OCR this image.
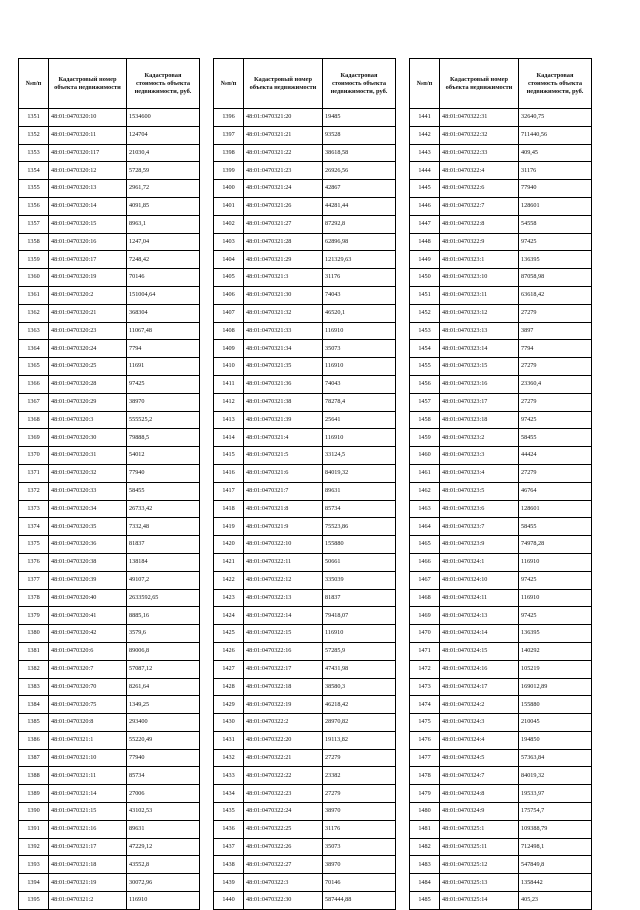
№п/п	Кадастровый номер объекта недвижимости	Кадастровая стоимость объекта недвижимости, руб.
1351	48:01:0470320:10	1534600
1352	48:01:0470320:11	124704
1353	48:01:0470320:117	21030,4
1354	48:01:0470320:12	5728,59
1355	48:01:0470320:13	2961,72
1356	48:01:0470320:14	4091,85
1357	48:01:0470320:15	8963,1
1358	48:01:0470320:16	1247,04
1359	48:01:0470320:17	7248,42
1360	48:01:0470320:19	70146
1361	48:01:0470320:2	151004,64
1362	48:01:0470320:21	368304
1363	48:01:0470320:23	11067,48
1364	48:01:0470320:24	7794
1365	48:01:0470320:25	11691
1366	48:01:0470320:28	97425
1367	48:01:0470320:29	38970
1368	48:01:0470320:3	555525,2
1369	48:01:0470320:30	79888,5
1370	48:01:0470320:31	54012
1371	48:01:0470320:32	77940
1372	48:01:0470320:33	58455
1373	48:01:0470320:34	26733,42
1374	48:01:0470320:35	7332,48
1375	48:01:0470320:36	81837
1376	48:01:0470320:38	138184
1377	48:01:0470320:39	49107,2
1378	48:01:0470320:40	2633592,65
1379	48:01:0470320:41	8885,16
1380	48:01:0470320:42	3579,6
1381	48:01:0470320:6	89006,8
1382	48:01:0470320:7	57087,12
1383	48:01:0470320:70	8261,64
1384	48:01:0470320:75	1349,25
1385	48:01:0470320:8	293400
1386	48:01:0470321:1	55220,49
1387	48:01:0470321:10	77940
1388	48:01:0470321:11	85734
1389	48:01:0470321:14	27006
1390	48:01:0470321:15	43102,53
1391	48:01:0470321:16	89631
1392	48:01:0470321:17	47229,12
1393	48:01:0470321:18	43552,8
1394	48:01:0470321:19	30072,96
1395	48:01:0470321:2	116910
№п/п	Кадастровый номер объекта недвижимости	Кадастровая стоимость объекта недвижимости, руб.
1396	48:01:0470321:20	19485
1397	48:01:0470321:21	93528
1398	48:01:0470321:22	38618,58
1399	48:01:0470321:23	26926,56
1400	48:01:0470321:24	42867
1401	48:01:0470321:26	44281,44
1402	48:01:0470321:27	87292,8
1403	48:01:0470321:28	62896,98
1404	48:01:0470321:29	121329,63
1405	48:01:0470321:3	31176
1406	48:01:0470321:30	74043
1407	48:01:0470321:32	46520,1
1408	48:01:0470321:33	116910
1409	48:01:0470321:34	35073
1410	48:01:0470321:35	116910
1411	48:01:0470321:36	74043
1412	48:01:0470321:38	78278,4
1413	48:01:0470321:39	25641
1414	48:01:0470321:4	116910
1415	48:01:0470321:5	33124,5
1416	48:01:0470321:6	84019,32
1417	48:01:0470321:7	89631
1418	48:01:0470321:8	85734
1419	48:01:0470321:9	75523,86
1420	48:01:0470322:10	155880
1421	48:01:0470322:11	50661
1422	48:01:0470322:12	335039
1423	48:01:0470322:13	81837
1424	48:01:0470322:14	79418,07
1425	48:01:0470322:15	116910
1426	48:01:0470322:16	57285,9
1427	48:01:0470322:17	47431,98
1428	48:01:0470322:18	38580,3
1429	48:01:0470322:19	46218,42
1430	48:01:0470322:2	28970,82
1431	48:01:0470322:20	19113,82
1432	48:01:0470322:21	27279
1433	48:01:0470322:22	23382
1434	48:01:0470322:23	27279
1435	48:01:0470322:24	38970
1436	48:01:0470322:25	31176
1437	48:01:0470322:26	35073
1438	48:01:0470322:27	38970
1439	48:01:0470322:3	70146
1440	48:01:0470322:30	587444,88
№п/п	Кадастровый номер объекта недвижимости	Кадастровая стоимость объекта недвижимости, руб.
1441	48:01:0470322:31	32640,75
1442	48:01:0470322:32	711440,56
1443	48:01:0470322:33	409,45
1444	48:01:0470322:4	31176
1445	48:01:0470322:6	77940
1446	48:01:0470322:7	128601
1447	48:01:0470322:8	54558
1448	48:01:0470322:9	97425
1449	48:01:0470323:1	136395
1450	48:01:0470323:10	87058,98
1451	48:01:0470323:11	63618,42
1452	48:01:0470323:12	27279
1453	48:01:0470323:13	3897
1454	48:01:0470323:14	7794
1455	48:01:0470323:15	27279
1456	48:01:0470323:16	23360,4
1457	48:01:0470323:17	27279
1458	48:01:0470323:18	97425
1459	48:01:0470323:2	58455
1460	48:01:0470323:3	44424
1461	48:01:0470323:4	27279
1462	48:01:0470323:5	46764
1463	48:01:0470323:6	128601
1464	48:01:0470323:7	58455
1465	48:01:0470323:9	74978,28
1466	48:01:0470324:1	116910
1467	48:01:0470324:10	97425
1468	48:01:0470324:11	116910
1469	48:01:0470324:13	97425
1470	48:01:0470324:14	136395
1471	48:01:0470324:15	140292
1472	48:01:0470324:16	105219
1473	48:01:0470324:17	169012,89
1474	48:01:0470324:2	155880
1475	48:01:0470324:3	210045
1476	48:01:0470324:4	194850
1477	48:01:0470324:5	57363,84
1478	48:01:0470324:7	84019,32
1479	48:01:0470324:8	19533,97
1480	48:01:0470324:9	175754,7
1481	48:01:0470325:1	109388,79
1482	48:01:0470325:11	712498,1
1483	48:01:0470325:12	547849,8
1484	48:01:0470325:13	1358442
1485	48:01:0470325:14	405,23
